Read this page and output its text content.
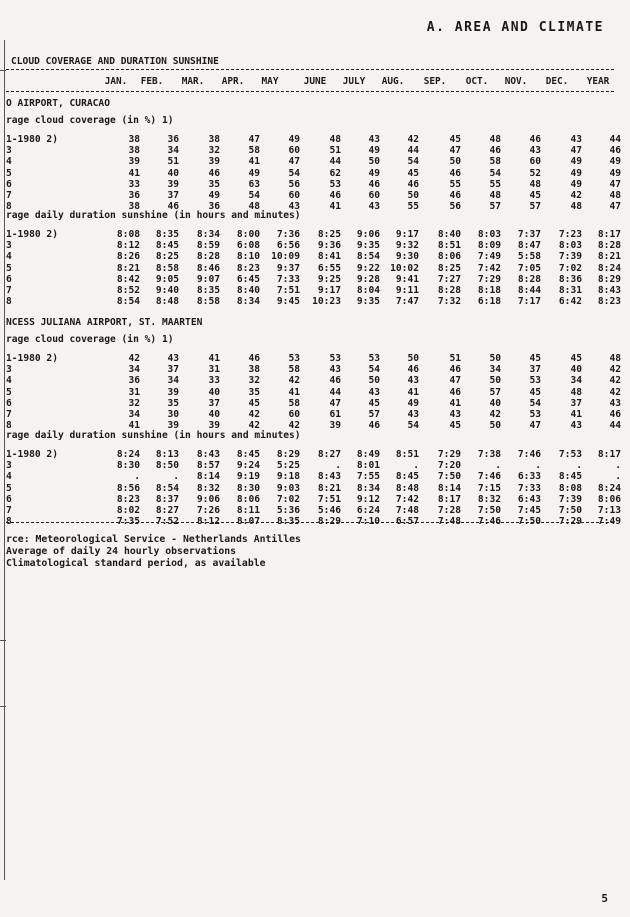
A. AREA AND CLIMATE
CLOUD COVERAGE AND DURATION SUNSHINE
JAN.	FEB.	MAR.	APR.	MAY	JUNE	JULY	AUG.	SEP.	OCT.	NOV.	DEC.	YEAR
O AIRPORT, CURACAO
rage cloud coverage (in %) 1)
1-1980 2)	38	36	38	47	49	48	43	42	45	48	46	43	44
3	38	34	32	58	60	51	49	44	47	46	43	47	46
4	39	51	39	41	47	44	50	54	50	58	60	49	49
5	41	40	46	49	54	62	49	45	46	54	52	49	49
6	33	39	35	63	56	53	46	46	55	55	48	49	47
7	36	37	49	54	60	46	60	50	46	48	45	42	48
8	38	46	36	48	43	41	43	55	56	57	57	48	47
rage daily duration sunshine (in hours and minutes)
1-1980 2)	8:08	8:35	8:34	8:00	7:36	8:25	9:06	9:17	8:40	8:03	7:37	7:23	8:17
3	8:12	8:45	8:59	6:08	6:56	9:36	9:35	9:32	8:51	8:09	8:47	8:03	8:28
4	8:26	8:25	8:28	8:10	10:09	8:41	8:54	9:30	8:06	7:49	5:58	7:39	8:21
5	8:21	8:58	8:46	8:23	9:37	6:55	9:22	10:02	8:25	7:42	7:05	7:02	8:24
6	8:42	9:05	9:07	6:45	7:33	9:25	9:28	9:41	7:27	7:29	8:28	8:36	8:29
7	8:52	9:40	8:35	8:40	7:51	9:17	8:04	9:11	8:28	8:18	8:44	8:31	8:43
8	8:54	8:48	8:58	8:34	9:45	10:23	9:35	7:47	7:32	6:18	7:17	6:42	8:23
NCESS JULIANA AIRPORT, ST. MAARTEN
rage cloud coverage (in %) 1)
1-1980 2)	42	43	41	46	53	53	53	50	51	50	45	45	48
3	34	37	31	38	58	43	54	46	46	34	37	40	42
4	36	34	33	32	42	46	50	43	47	50	53	34	42
5	31	39	40	35	41	44	43	41	46	57	45	48	42
6	32	35	37	45	58	47	45	49	41	40	54	37	43
7	34	30	40	42	60	61	57	43	43	42	53	41	46
8	41	39	39	42	42	39	46	54	45	50	47	43	44
rage daily duration sunshine (in hours and minutes)
1-1980 2)	8:24	8:13	8:43	8:45	8:29	8:27	8:49	8:51	7:29	7:38	7:46	7:53	8:17
3	8:30	8:50	8:57	9:24	5:25	.	8:01	.	7:20	.	.	.	.
4	.	.	8:14	9:19	9:18	8:43	7:55	8:45	7:50	7:46	6:33	8:45	.
5	8:56	8:54	8:32	8:30	9:03	8:21	8:34	8:48	8:14	7:15	7:33	8:08	8:24
6	8:23	8:37	9:06	8:06	7:02	7:51	9:12	7:42	8:17	8:32	6:43	7:39	8:06
7	8:02	8:27	7:26	8:11	5:36	5:46	6:24	7:48	7:28	7:50	7:45	7:50	7:13
8	7:35	7:52	8:12	8:07	8:35	8:29	7:10	6:57	7:48	7:46	7:50	7:29	7:49
rce: Meteorological Service - Netherlands Antilles
Average of daily 24 hourly observations
Climatological standard period, as available
5
